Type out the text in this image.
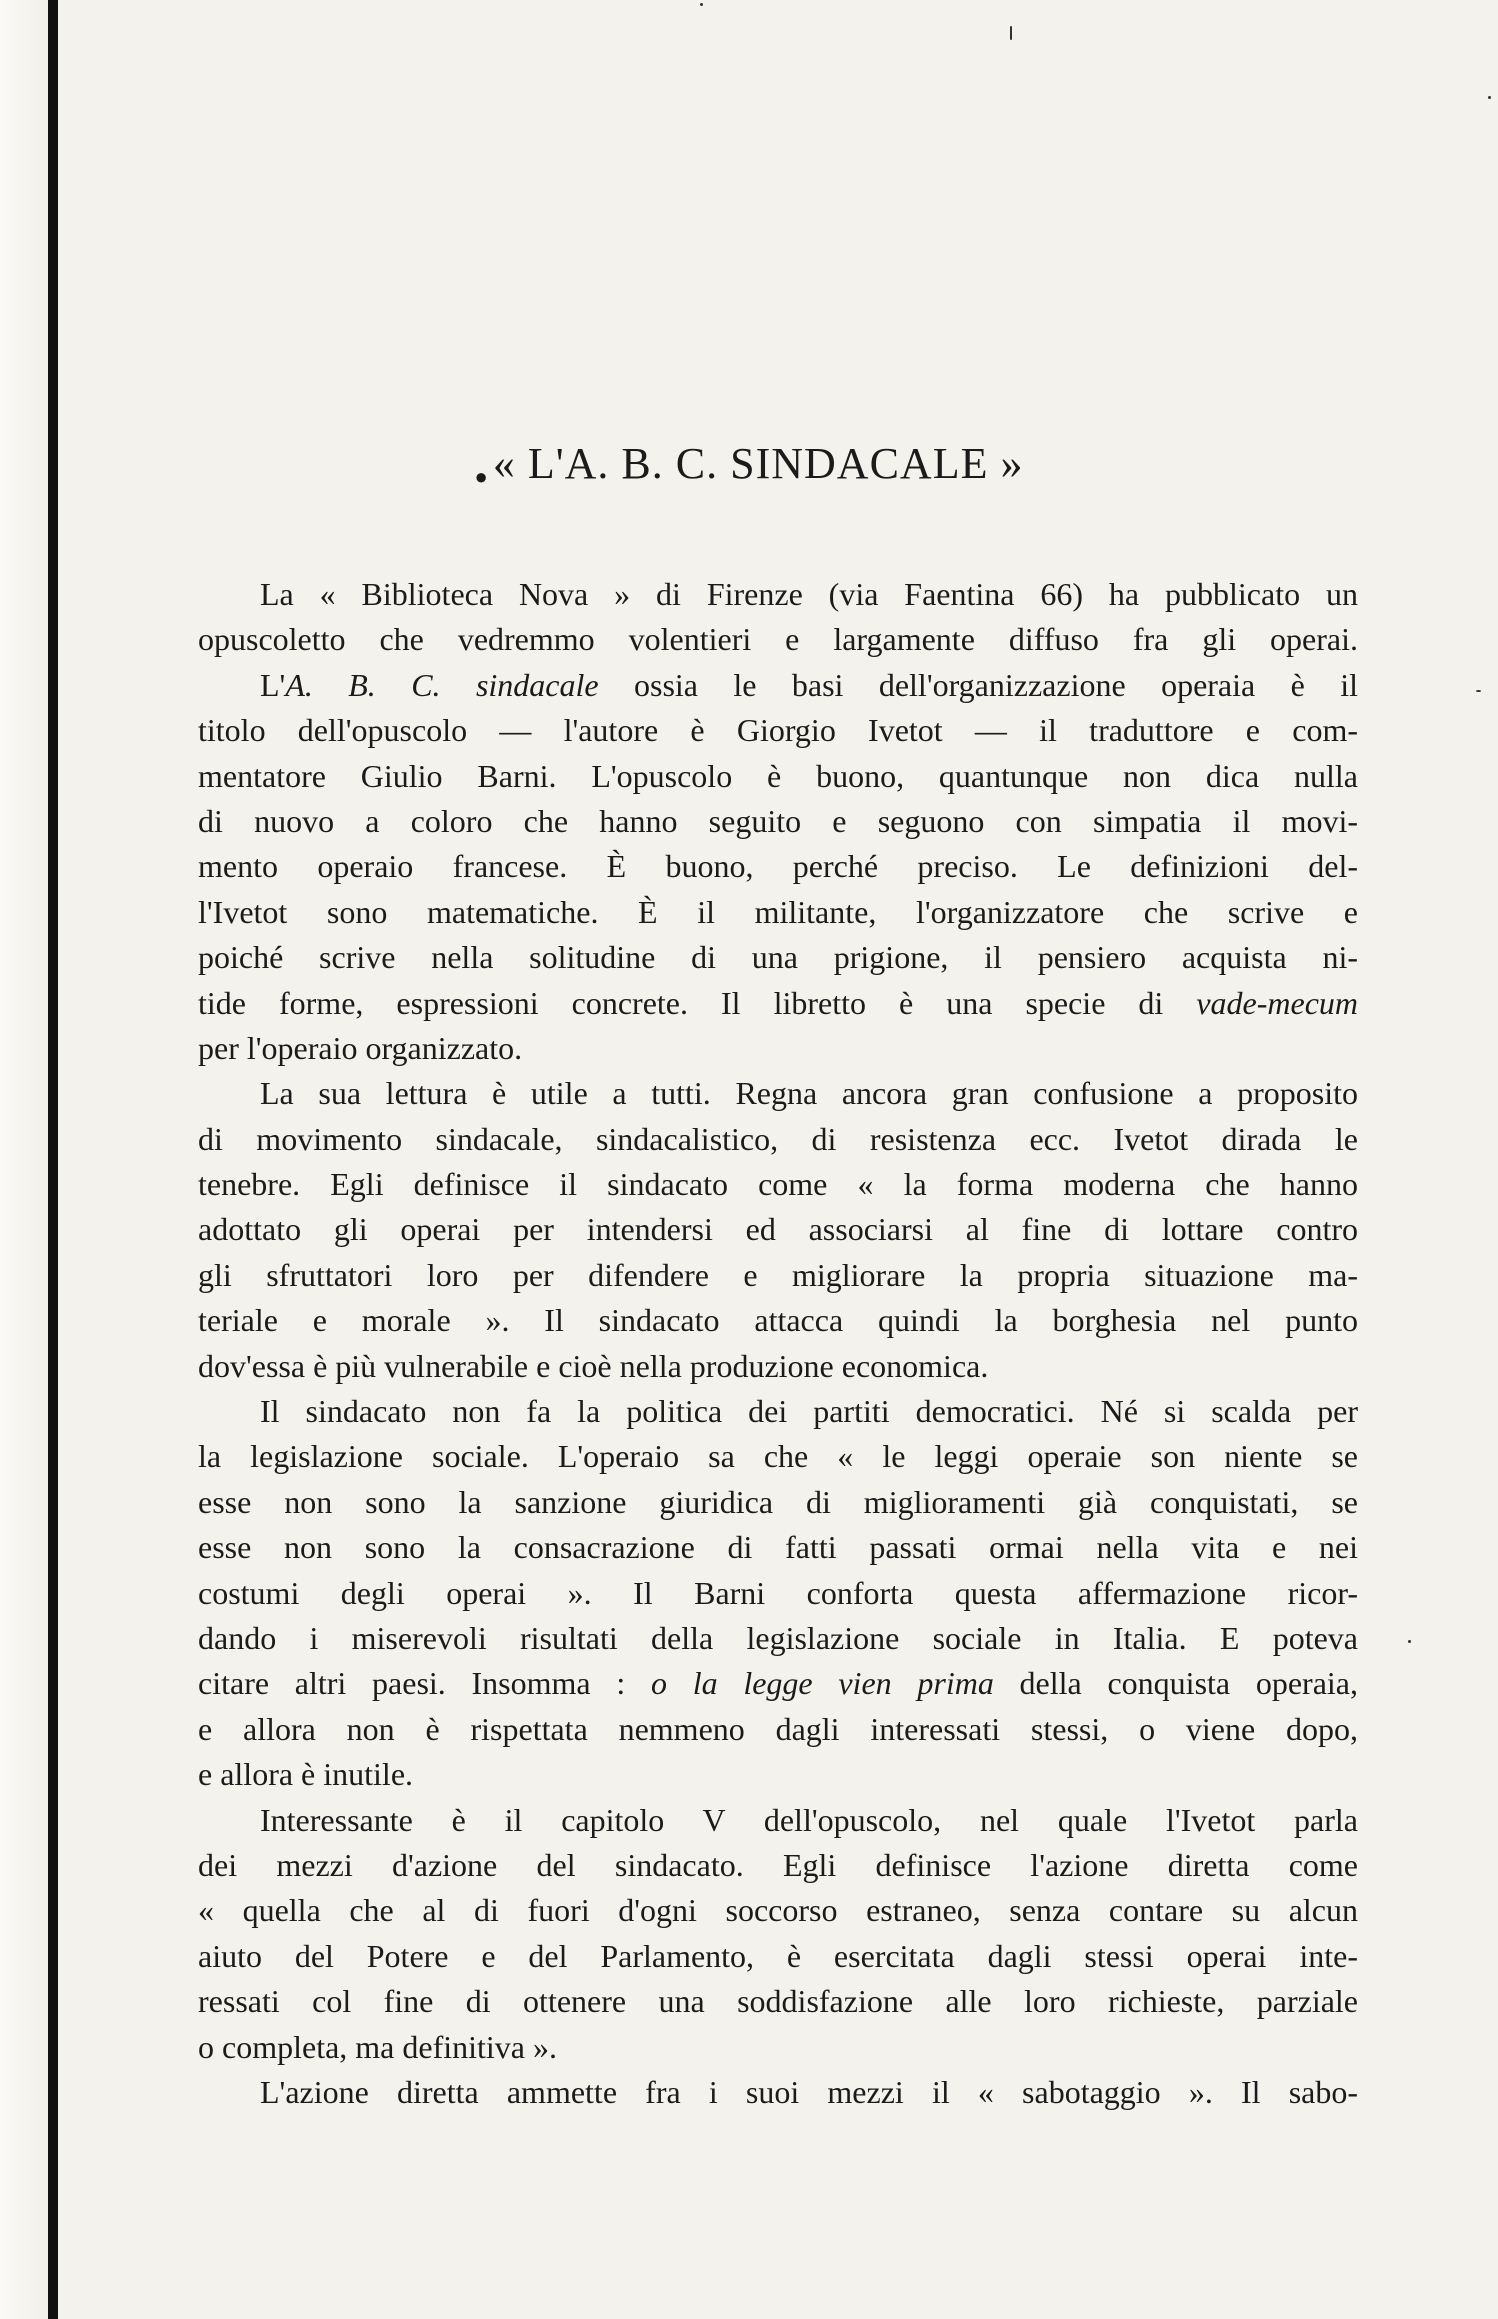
●« L'A. B. C. SINDACALE »
La « Biblioteca Nova » di Firenze (via Faentina 66) ha pubblicato un
opuscoletto che vedremmo volentieri e largamente diffuso fra gli operai.
L'A. B. C. sindacale ossia le basi dell'organizzazione operaia è il
titolo dell'opuscolo — l'autore è Giorgio Ivetot — il traduttore e com-
mentatore Giulio Barni. L'opuscolo è buono, quantunque non dica nulla
di nuovo a coloro che hanno seguito e seguono con simpatia il movi-
mento operaio francese. È buono, perché preciso. Le definizioni del-
l'Ivetot sono matematiche. È il militante, l'organizzatore che scrive e
poiché scrive nella solitudine di una prigione, il pensiero acquista ni-
tide forme, espressioni concrete. Il libretto è una specie di vade-mecum
per l'operaio organizzato.
La sua lettura è utile a tutti. Regna ancora gran confusione a proposito
di movimento sindacale, sindacalistico, di resistenza ecc. Ivetot dirada le
tenebre. Egli definisce il sindacato come « la forma moderna che hanno
adottato gli operai per intendersi ed associarsi al fine di lottare contro
gli sfruttatori loro per difendere e migliorare la propria situazione ma-
teriale e morale ». Il sindacato attacca quindi la borghesia nel punto
dov'essa è più vulnerabile e cioè nella produzione economica.
Il sindacato non fa la politica dei partiti democratici. Né si scalda per
la legislazione sociale. L'operaio sa che « le leggi operaie son niente se
esse non sono la sanzione giuridica di miglioramenti già conquistati, se
esse non sono la consacrazione di fatti passati ormai nella vita e nei
costumi degli operai ». Il Barni conforta questa affermazione ricor-
dando i miserevoli risultati della legislazione sociale in Italia. E poteva
citare altri paesi. Insomma : o la legge vien prima della conquista operaia,
e allora non è rispettata nemmeno dagli interessati stessi, o viene dopo,
e allora è inutile.
Interessante è il capitolo V dell'opuscolo, nel quale l'Ivetot parla
dei mezzi d'azione del sindacato. Egli definisce l'azione diretta come
« quella che al di fuori d'ogni soccorso estraneo, senza contare su alcun
aiuto del Potere e del Parlamento, è esercitata dagli stessi operai inte-
ressati col fine di ottenere una soddisfazione alle loro richieste, parziale
o completa, ma definitiva ».
L'azione diretta ammette fra i suoi mezzi il « sabotaggio ». Il sabo-
